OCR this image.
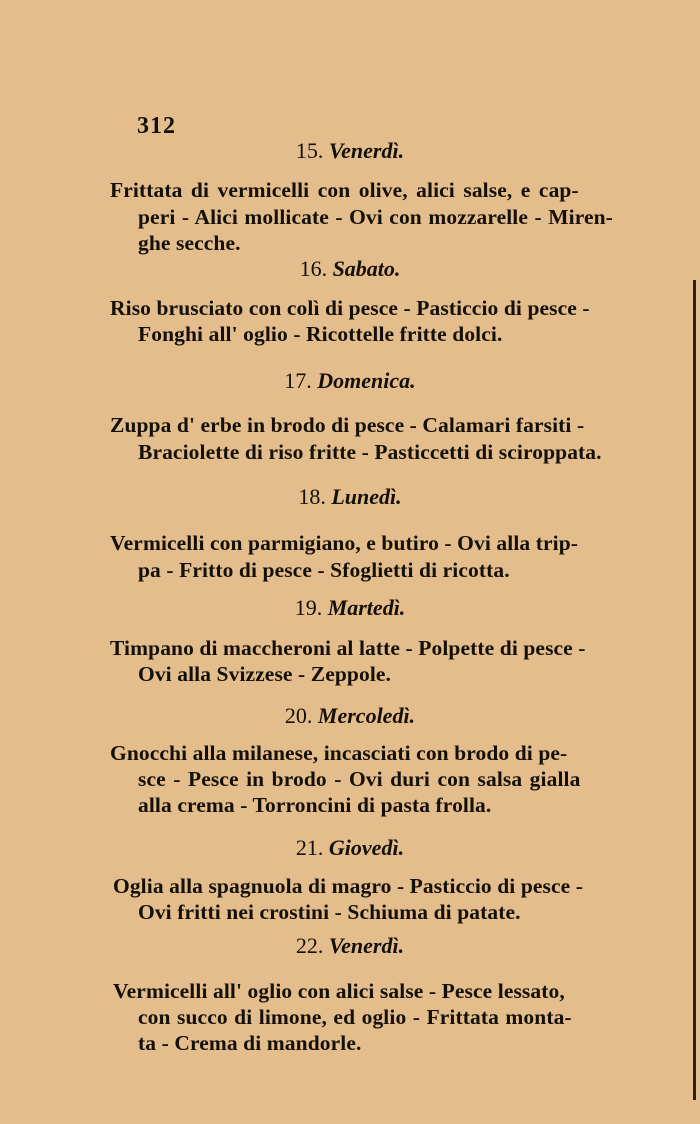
312
15. Venerdì.
Frittata di vermicelli con olive, alici salse, e cap-
peri - Alici mollicate - Ovi con mozzarelle - Miren-
ghe secche.
16. Sabato.
Riso brusciato con colì di pesce - Pasticcio di pesce -
Fonghi all' oglio - Ricottelle fritte dolci.
17. Domenica.
Zuppa d' erbe in brodo di pesce - Calamari farsiti -
Braciolette di riso fritte - Pasticcetti di sciroppata.
18. Lunedì.
Vermicelli con parmigiano, e butiro - Ovi alla trip-
pa - Fritto di pesce - Sfoglietti di ricotta.
19. Martedì.
Timpano di maccheroni al latte - Polpette di pesce -
Ovi alla Svizzese - Zeppole.
20. Mercoledì.
Gnocchi alla milanese, incasciati con brodo di pe-
sce - Pesce in brodo - Ovi duri con salsa gialla
alla crema - Torroncini di pasta frolla.
21. Giovedì.
Oglia alla spagnuola di magro - Pasticcio di pesce -
Ovi fritti nei crostini - Schiuma di patate.
22. Venerdì.
Vermicelli all' oglio con alici salse - Pesce lessato,
con succo di limone, ed oglio - Frittata monta-
ta - Crema di mandorle.
